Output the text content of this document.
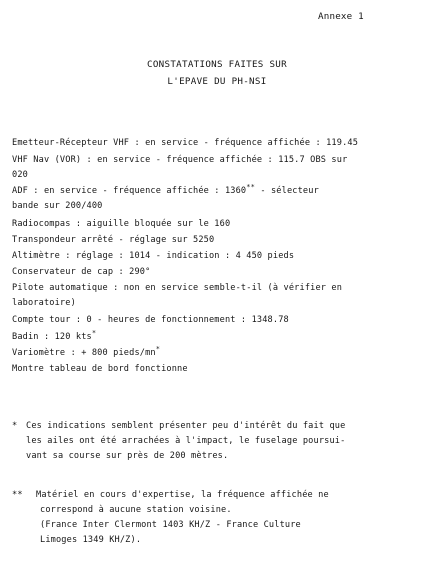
Annexe 1
CONSTATATIONS FAITES SUR
L'EPAVE DU PH-NSI
Emetteur-Récepteur VHF : en service - fréquence affichée : 119.45
VHF Nav (VOR) : en service - fréquence affichée : 115.7 OBS sur
020
ADF : en service - fréquence affichée : 1360** - sélecteur
bande sur 200/400
Radiocompas : aiguille bloquée sur le 160
Transpondeur arrêté - réglage sur 5250
Altimètre : réglage : 1014 - indication : 4 450 pieds
Conservateur de cap : 290°
Pilote automatique : non en service semble-t-il (à vérifier en
laboratoire)
Compte tour : 0 - heures de fonctionnement : 1348.78
Badin : 120 kts*
Variomètre : + 800 pieds/mn*
Montre tableau de bord fonctionne
* Ces indications semblent présenter peu d'intérêt du fait que
les ailes ont été arrachées à l'impact, le fuselage poursui-
vant sa course sur près de 200 mètres.
** Matériel en cours d'expertise, la fréquence affichée ne
correspond à aucune station voisine.
(France Inter Clermont 1403 KH/Z - France Culture
Limoges 1349 KH/Z).
